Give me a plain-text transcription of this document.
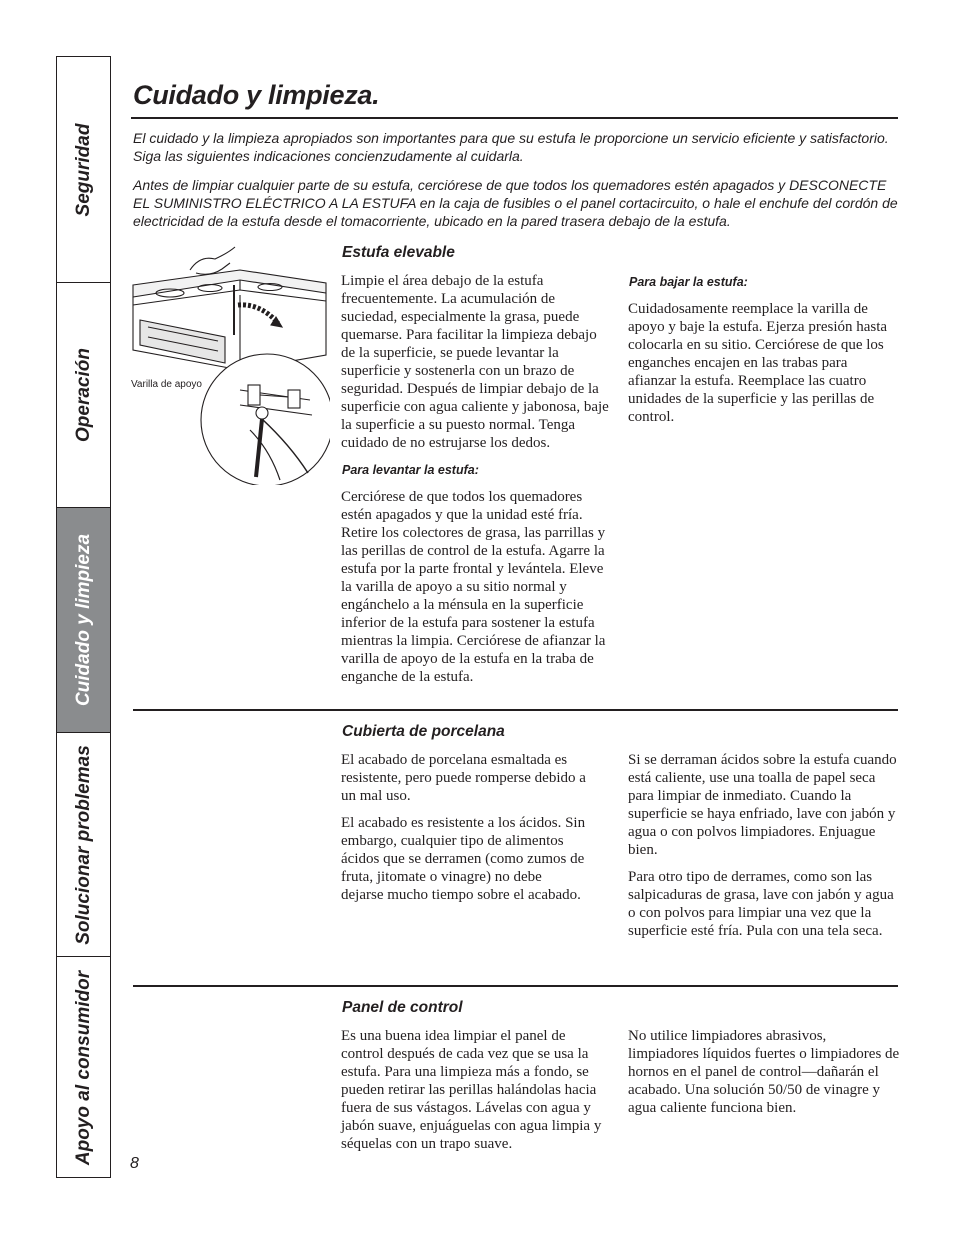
Seguridad
Operación
Cuidado y limpieza
Solucionar problemas
Apoyo al consumidor
Cuidado y limpieza.

El cuidado y la limpieza apropiados son importantes para que su estufa le proporcione un servicio eficiente y satisfactorio. Siga las siguientes indicaciones concienzudamente al cuidarla.

Antes de limpiar cualquier parte de su estufa, cerciórese de que todos los quemadores estén apagados y DESCONECTE EL SUMINISTRO ELÉCTRICO A LA ESTUFA en la caja de fusibles o el panel cortacircuito, o hale el enchufe del cordón de electricidad de la estufa desde el tomacorriente, ubicado en la pared trasera debajo de la estufa.

Varilla de apoyo
Estufa elevable

Limpie el área debajo de la estufa frecuentemente. La acumulación de suciedad, especialmente la grasa, puede quemarse. Para facilitar la limpieza debajo de la superficie, se puede levantar la superficie y sostenerla con un brazo de seguridad. Después de limpiar debajo de la superficie con agua caliente y jabonosa, baje la superficie a su puesto normal. Tenga cuidado de no estrujarse los dedos.

Para levantar la estufa:

Cerciórese de que todos los quemadores estén apagados y que la unidad esté fría. Retire los colectores de grasa, las parrillas y las perillas de control de la estufa. Agarre la estufa por la parte frontal y levántela. Eleve la varilla de apoyo a su sitio normal y engánchelo a la ménsula en la superficie inferior de la estufa para sostener la estufa mientras la limpia. Cerciórese de afianzar la varilla de apoyo de la estufa en la traba de enganche de la estufa.

Para bajar la estufa:

Cuidadosamente reemplace la varilla de apoyo y baje la estufa. Ejerza presión hasta colocarla en su sitio. Cerciórese de que los enganches encajen en las trabas para afianzar la estufa. Reemplace las cuatro unidades de la superficie y las perillas de control.

Cubierta de porcelana

El acabado de porcelana esmaltada es resistente, pero puede romperse debido a un mal uso.

El acabado es resistente a los ácidos. Sin embargo, cualquier tipo de alimentos ácidos que se derramen (como zumos de fruta, jitomate o vinagre) no debe dejarse mucho tiempo sobre el acabado.

Si se derraman ácidos sobre la estufa cuando está caliente, use una toalla de papel seca para limpiar de inmediato. Cuando la superficie se haya enfriado, lave con jabón y agua o con polvos limpiadores. Enjuague bien.

Para otro tipo de derrames, como son las salpicaduras de grasa, lave con jabón y agua o con polvos para limpiar una vez que la superficie esté fría. Pula con una tela seca.

Panel de control

Es una buena idea limpiar el panel de control después de cada vez que se usa la estufa. Para una limpieza más a fondo, se pueden retirar las perillas halándolas hacia fuera de sus vástagos. Lávelas con agua y jabón suave, enjuáguelas con agua limpia y séquelas con un trapo suave.

No utilice limpiadores abrasivos, limpiadores líquidos fuertes o limpiadores de hornos en el panel de control—dañarán el acabado. Una solución 50/50 de vinagre y agua caliente funciona bien.

8
